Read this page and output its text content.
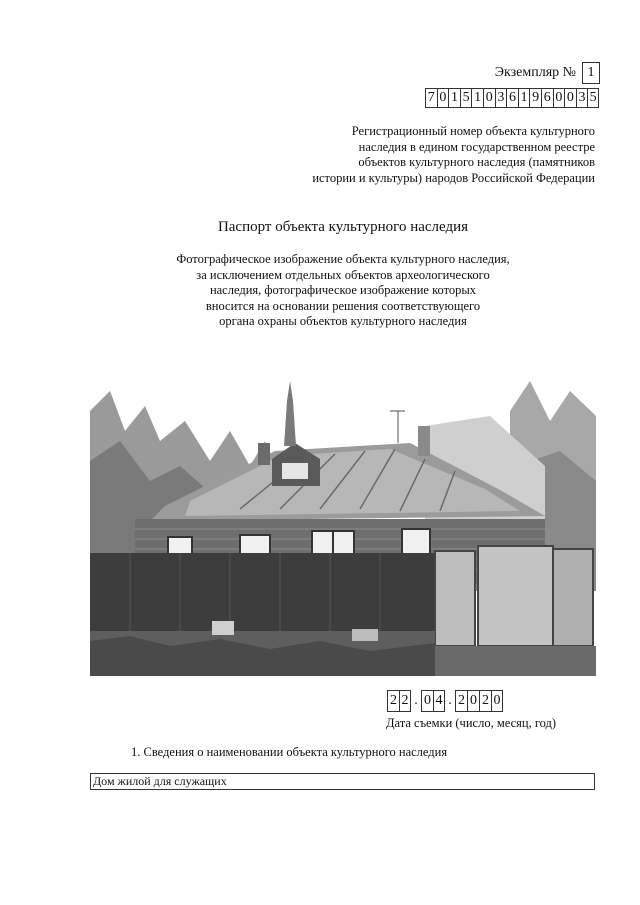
Экземпляр № 1
7 0 1 5 1 0 3 6 1 9 6 0 0 3 5
Регистрационный номер объекта культурного
наследия в едином государственном реестре
объектов культурного наследия (памятников
истории и культуры) народов Российской Федерации
Паспорт объекта культурного наследия
Фотографическое изображение объекта культурного наследия,
за исключением отдельных объектов археологического
наследия, фотографическое изображение которых
вносится на основании решения соответствующего
органа охраны объектов культурного наследия
2 2 . 0 4 . 2 0 2 0
Дата съемки (число, месяц, год)
1. Сведения о наименовании объекта культурного наследия
Дом жилой для служащих
